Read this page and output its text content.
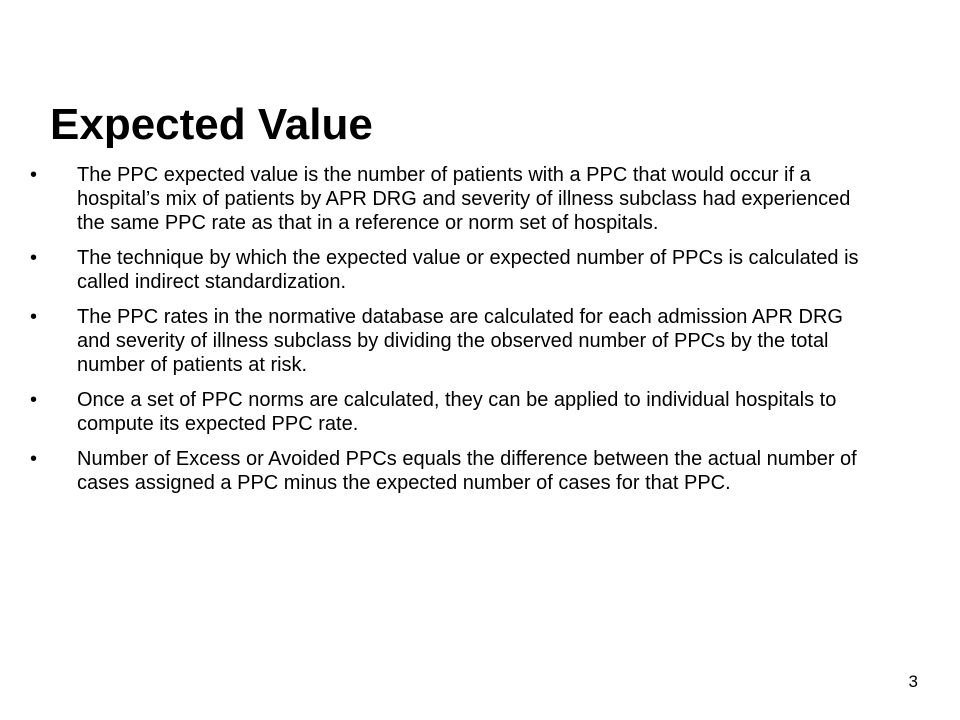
Expected Value
•	The PPC expected value is the number of patients with a PPC that would occur if a hospital’s mix of patients by APR DRG and severity of illness subclass had experienced the same PPC rate as that in a reference or norm set of hospitals.
•	The technique by which the expected value or expected number of PPCs is calculated is called indirect standardization.
•	The PPC rates in the normative database are calculated for each admission APR DRG and severity of illness subclass by dividing the observed number of PPCs by the total number of patients at risk.
•	Once a set of PPC norms are calculated, they can be applied to individual hospitals to compute its expected PPC rate.
•	Number of Excess or Avoided PPCs equals the difference between the actual number of cases assigned a PPC minus the expected number of cases for that PPC.
3
